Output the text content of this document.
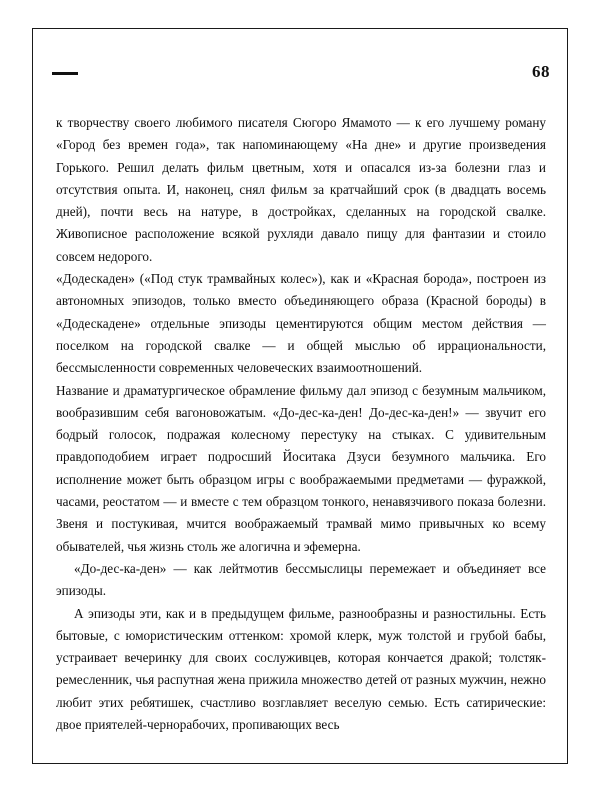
68

к творчеству своего любимого писателя Сюгоро Ямамото — к его лучшему роману «Город без времен года», так напоминающему «На дне» и другие произведения Горького. Решил делать фильм цветным, хотя и опасался из-за болезни глаз и отсутствия опыта. И, наконец, снял фильм за кратчайший срок (в двадцать восемь дней), почти весь на натуре, в достройках, сделанных на городской свалке. Живописное расположение всякой рухляди давало пищу для фантазии и стоило совсем недорого.

«Додескаден» («Под стук трамвайных колес»), как и «Красная борода», построен из автономных эпизодов, только вместо объединяющего образа (Красной бороды) в «Додескадене» отдельные эпизоды цементируются общим местом действия — поселком на городской свалке — и общей мыслью об иррациональности, бессмысленности современных человеческих взаимоотношений.

Название и драматургическое обрамление фильму дал эпизод с безумным мальчиком, вообразившим себя вагоновожатым. «До-дес-ка-ден! До-дес-ка-ден!» — звучит его бодрый голосок, подражая колесному перестуку на стыках. С удивительным правдоподобием играет подросший Йоситака Дзуси безумного мальчика. Его исполнение может быть образцом игры с воображаемыми предметами — фуражкой, часами, реостатом — и вместе с тем образцом тонкого, ненавязчивого показа болезни. Звеня и постукивая, мчится воображаемый трамвай мимо привычных ко всему обывателей, чья жизнь столь же алогична и эфемерна.

«До-дес-ка-ден» — как лейтмотив бессмыслицы перемежает и объединяет все эпизоды.

А эпизоды эти, как и в предыдущем фильме, разнообразны и разностильны. Есть бытовые, с юмористическим оттенком: хромой клерк, муж толстой и грубой бабы, устраивает вечеринку для своих сослуживцев, которая кончается дракой; толстяк-ремесленник, чья распутная жена прижила множество детей от разных мужчин, нежно любит этих ребятишек, счастливо возглавляет веселую семью. Есть сатирические: двое приятелей-чернорабочих, пропивающих весь
